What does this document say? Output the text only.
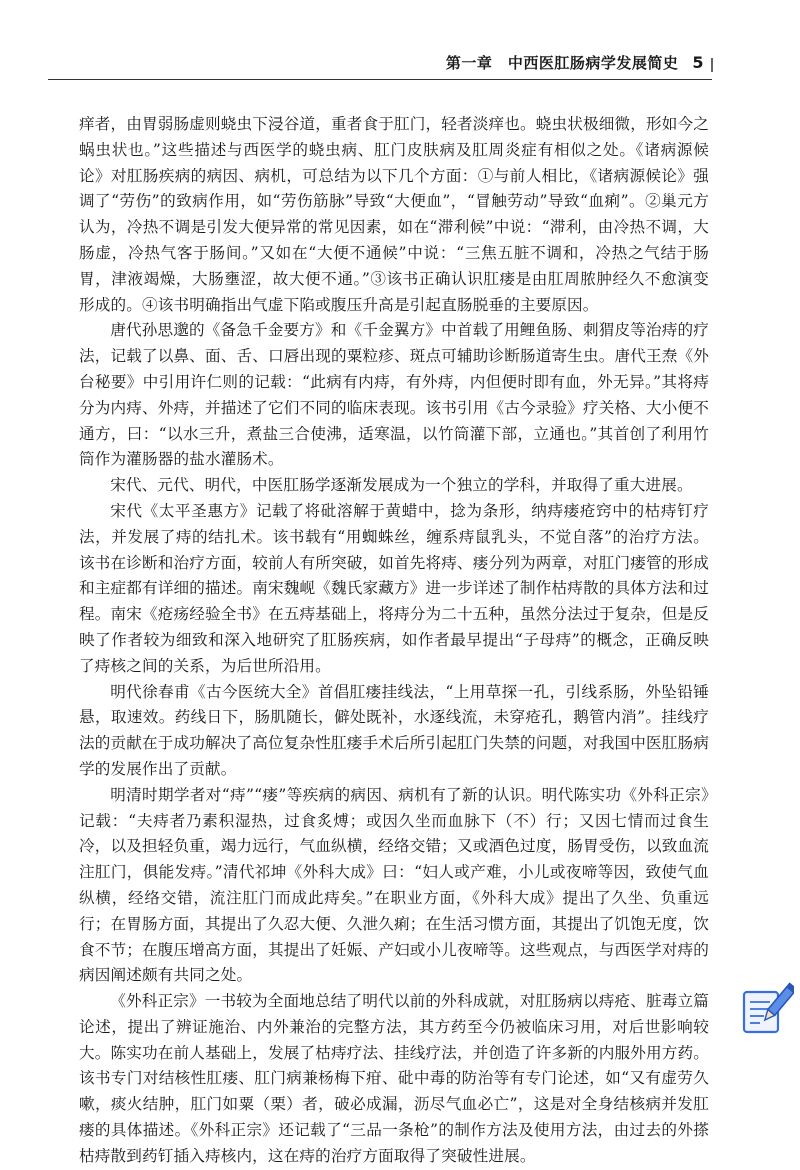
第一章　中西医肛肠病学发展简史 5

痒者，由胃弱肠虚则蛲虫下浸谷道，重者食于肛门，轻者淡痒也。蛲虫状极细微，形如今之蜗虫状也。”这些描述与西医学的蛲虫病、肛门皮肤病及肛周炎症有相似之处。《诸病源候论》对肛肠疾病的病因、病机，可总结为以下几个方面：①与前人相比，《诸病源候论》强调了“劳伤”的致病作用，如“劳伤筋脉”导致“大便血”，“冒触劳动”导致“血痢”。②巢元方认为，冷热不调是引发大便异常的常见因素，如在“滞利候”中说：“滞利，由冷热不调，大肠虚，冷热气客于肠间。”又如在“大便不通候”中说：“三焦五脏不调和，冷热之气结于肠胃，津液竭燥，大肠壅涩，故大便不通。”③该书正确认识肛瘘是由肛周脓肿经久不愈演变形成的。④该书明确指出气虚下陷或腹压升高是引起直肠脱垂的主要原因。

唐代孙思邈的《备急千金要方》和《千金翼方》中首载了用鲤鱼肠、刺猬皮等治痔的疗法，记载了以鼻、面、舌、口唇出现的粟粒疹、斑点可辅助诊断肠道寄生虫。唐代王焘《外台秘要》中引用许仁则的记载：“此病有内痔，有外痔，内但便时即有血，外无异。”其将痔分为内痔、外痔，并描述了它们不同的临床表现。该书引用《古今录验》疗关格、大小便不通方，曰：“以水三升，煮盐三合使沸，适寒温，以竹筒灌下部，立通也。”其首创了利用竹筒作为灌肠器的盐水灌肠术。

宋代、元代、明代，中医肛肠学逐渐发展成为一个独立的学科，并取得了重大进展。

宋代《太平圣惠方》记载了将砒溶解于黄蜡中，捻为条形，纳痔瘘疮窍中的枯痔钉疗法，并发展了痔的结扎术。该书载有“用蜘蛛丝，缠系痔鼠乳头，不觉自落”的治疗方法。该书在诊断和治疗方面，较前人有所突破，如首先将痔、瘘分列为两章，对肛门瘘管的形成和主症都有详细的描述。南宋魏岘《魏氏家藏方》进一步详述了制作枯痔散的具体方法和过程。南宋《疮疡经验全书》在五痔基础上，将痔分为二十五种，虽然分法过于复杂，但是反映了作者较为细致和深入地研究了肛肠疾病，如作者最早提出“子母痔”的概念，正确反映了痔核之间的关系，为后世所沿用。

明代徐春甫《古今医统大全》首倡肛瘘挂线法，“上用草探一孔，引线系肠，外坠铅锤悬，取速效。药线日下，肠肌随长，僻处既补，水逐线流，未穿疮孔，鹅管内消”。挂线疗法的贡献在于成功解决了高位复杂性肛瘘手术后所引起肛门失禁的问题，对我国中医肛肠病学的发展作出了贡献。

明清时期学者对“痔”“瘘”等疾病的病因、病机有了新的认识。明代陈实功《外科正宗》记载：“夫痔者乃素积湿热，过食炙煿；或因久坐而血脉下（不）行；又因七情而过食生冷，以及担轻负重，竭力远行，气血纵横，经络交错；又或酒色过度，肠胃受伤，以致血流注肛门，俱能发痔。”清代祁坤《外科大成》曰：“妇人或产难，小儿或夜啼等因，致使气血纵横，经络交错，流注肛门而成此痔矣。”在职业方面，《外科大成》提出了久坐、负重远行；在胃肠方面，其提出了久忍大便、久泄久痢；在生活习惯方面，其提出了饥饱无度，饮食不节；在腹压增高方面，其提出了妊娠、产妇或小儿夜啼等。这些观点，与西医学对痔的病因阐述颇有共同之处。

《外科正宗》一书较为全面地总结了明代以前的外科成就，对肛肠病以痔疮、脏毒立篇论述，提出了辨证施治、内外兼治的完整方法，其方药至今仍被临床习用，对后世影响较大。陈实功在前人基础上，发展了枯痔疗法、挂线疗法，并创造了许多新的内服外用方药。该书专门对结核性肛瘘、肛门病兼杨梅下疳、砒中毒的防治等有专门论述，如“又有虚劳久嗽，痰火结肿，肛门如粟（栗）者，破必成漏，沥尽气血必亡”，这是对全身结核病并发肛瘘的具体描述。《外科正宗》还记载了“三品一条枪”的制作方法及使用方法，由过去的外搽枯痔散到药钉插入痔核内，这在痔的治疗方面取得了突破性进展。
